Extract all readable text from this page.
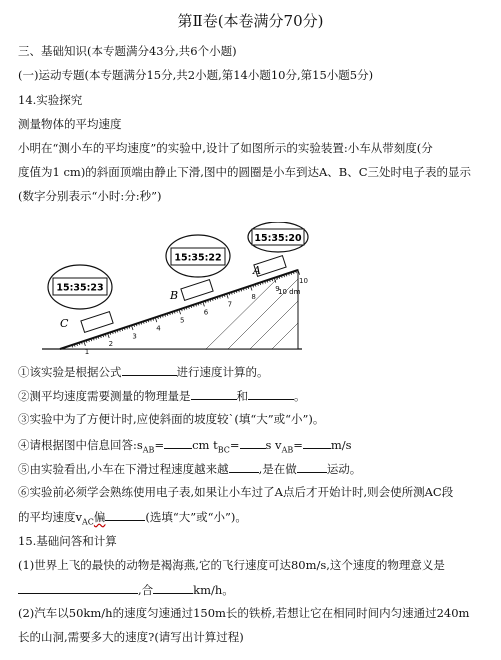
第Ⅱ卷(本卷满分70分)
三、基础知识(本专题满分43分,共6个小题)
(一)运动专题(本专题满分15分,共2小题,第14小题10分,第15小题5分)
14.实验探究
测量物体的平均速度
小明在“测小车的平均速度”的实验中,设计了如图所示的实验装置:小车从带刻度(分
度值为1 cm)的斜面顶端由静止下滑,图中的圆圈是小车到达A、B、C三处时电子表的显示
(数字分别表示“小时:分:秒”)
1
2
3
4
5
6
7
8
9
10
C
B
A
10 dm
15:35:23
15:35:22
15:35:20
①该实验是根据公式	进行速度计算的。
②测平均速度需要测量的物理量是	和	。
③实验中为了方便计时,应使斜面的坡度较`(填“大”或“小”)。
④请根据图中信息回答$:s_{AB}=$ cm $t_{BC}= s$ $v_{AB}= m/s$
⑤由实验看出,小车在下滑过程速度越来越	,是在做	运动。
⑥实验前必须学会熟练使用电子表,如果让小车过了A点后才开始计时,则会使所测AC段
的平均速度$v_{AC}$偏	(选填“大”或“小”)。
15.基础问答和计算
(1)世界上飞的最快的动物是褐海燕,它的飞行速度可达80m/s,这个速度的物理意义是
,合	km/h。
(2)汽车以50km/h的速度匀速通过150m长的铁桥,若想让它在相同时间内匀速通过240m
长的山洞,需要多大的速度?(请写出计算过程)
